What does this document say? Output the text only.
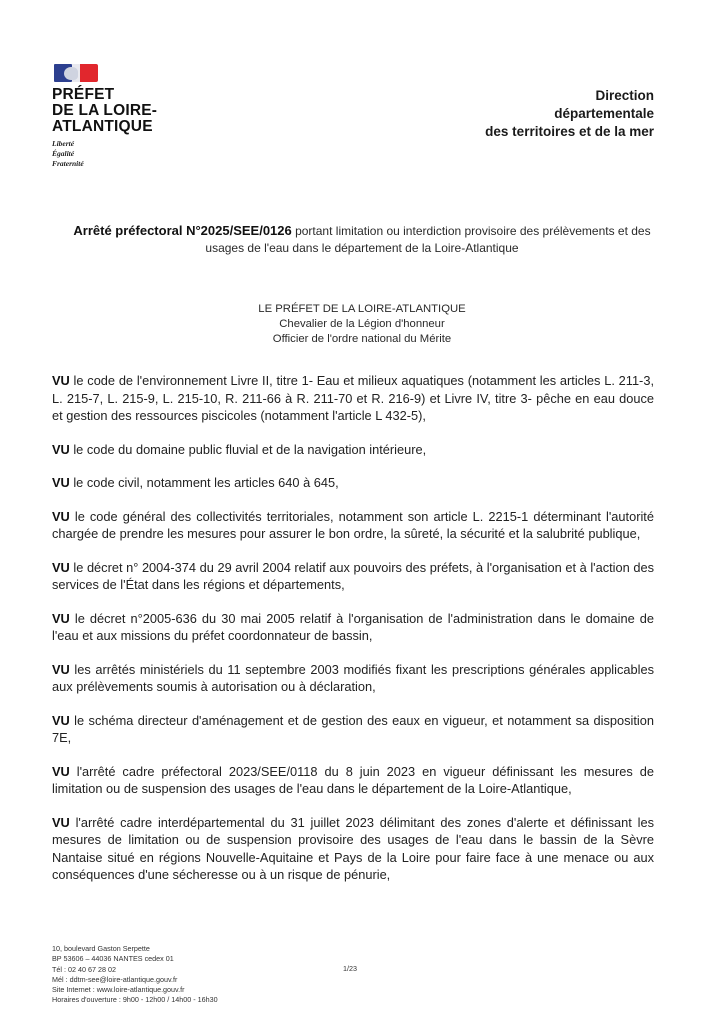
PRÉFET
DE LA LOIRE-
ATLANTIQUE
Liberté
Égalité
Fraternité
Direction
départementale
des territoires et de la mer
Arrêté préfectoral N°2025/SEE/0126 portant limitation ou interdiction provisoire des prélèvements et des usages de l'eau dans le département de la Loire-Atlantique
LE PRÉFET DE LA LOIRE-ATLANTIQUE
Chevalier de la Légion d'honneur
Officier de l'ordre national du Mérite

VU le code de l'environnement Livre II, titre 1- Eau et milieux aquatiques (notamment les articles L. 211-3, L. 215-7, L. 215-9, L. 215-10, R. 211-66 à R. 211-70 et R. 216-9) et Livre IV, titre 3- pêche en eau douce et gestion des ressources piscicoles (notamment l'article L 432-5),

VU le code du domaine public fluvial et de la navigation intérieure,

VU le code civil, notamment les articles 640 à 645,

VU le code général des collectivités territoriales, notamment son article L. 2215-1 déterminant l'autorité chargée de prendre les mesures pour assurer le bon ordre, la sûreté, la sécurité et la salubrité publique,

VU le décret n° 2004-374 du 29 avril 2004 relatif aux pouvoirs des préfets, à l'organisation et à l'action des services de l'État dans les régions et départements,

VU le décret n°2005-636 du 30 mai 2005 relatif à l'organisation de l'administration dans le domaine de l'eau et aux missions du préfet coordonnateur de bassin,

VU les arrêtés ministériels du 11 septembre 2003 modifiés fixant les prescriptions générales applicables aux prélèvements soumis à autorisation ou à déclaration,

VU le schéma directeur d'aménagement et de gestion des eaux en vigueur, et notamment sa disposition 7E,

VU l'arrêté cadre préfectoral 2023/SEE/0118 du 8 juin 2023 en vigueur définissant les mesures de limitation ou de suspension des usages de l'eau dans le département de la Loire-Atlantique,

VU l'arrêté cadre interdépartemental du 31 juillet 2023 délimitant des zones d'alerte et définissant les mesures de limitation ou de suspension provisoire des usages de l'eau dans le bassin de la Sèvre Nantaise situé en régions Nouvelle-Aquitaine et Pays de la Loire pour faire face à une menace ou aux conséquences d'une sécheresse ou à un risque de pénurie,

10, boulevard Gaston Serpette
BP 53606 – 44036 NANTES cedex 01
Tél : 02 40 67 28 02
Mél : ddtm-see@loire-atlantique.gouv.fr
Site Internet : www.loire-atlantique.gouv.fr
Horaires d'ouverture : 9h00 - 12h00 / 14h00 - 16h30
1/23
